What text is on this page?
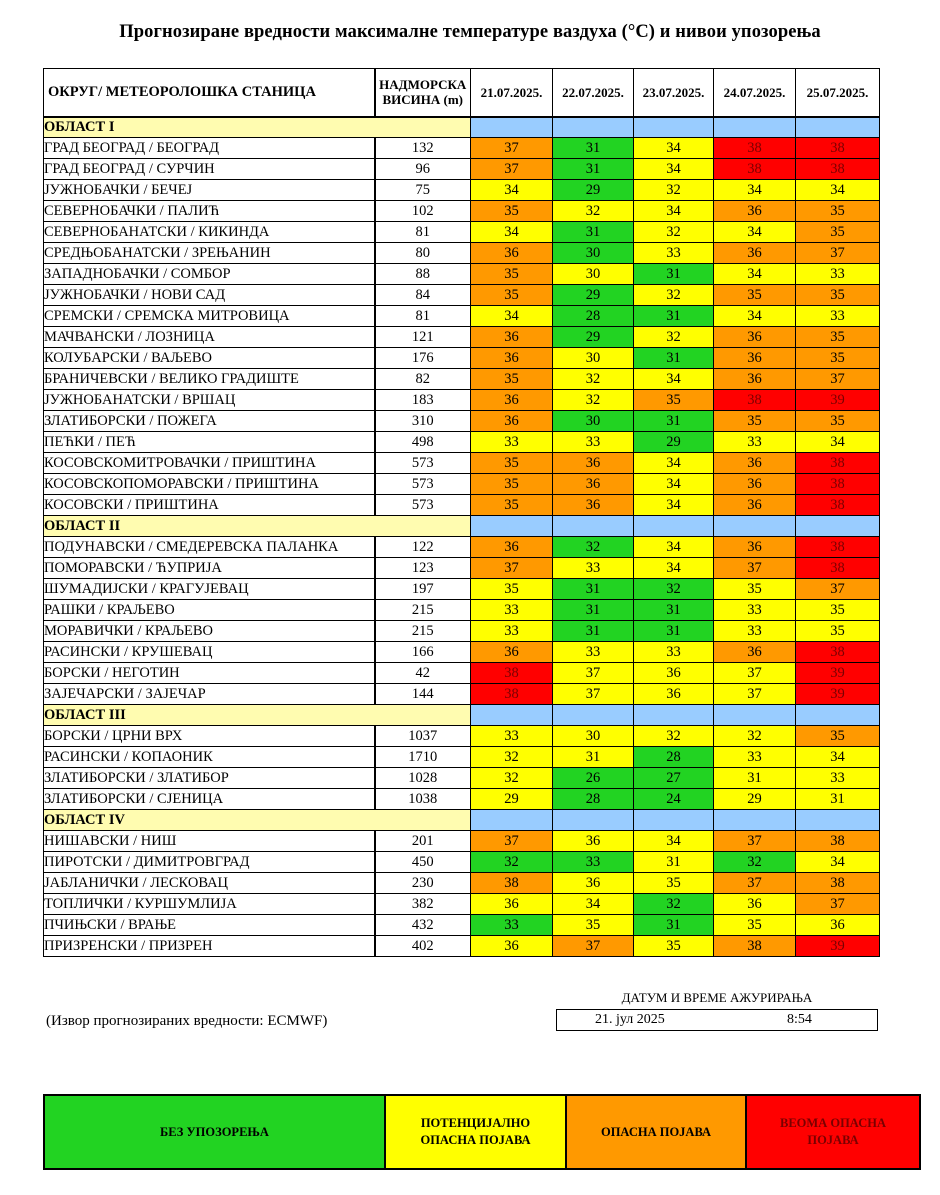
Прогнозиране вредности максималне температуре ваздуха (°C) и нивои упозорења
ОКРУГ/ МЕТЕОРОЛОШКА СТАНИЦА	НАДМОРСКА
ВИСИНА (m)	21.07.2025.	22.07.2025.	23.07.2025.	24.07.2025.	25.07.2025.
ОБЛАСТ I						
ГРАД БЕОГРАД / БЕОГРАД	132	37	31	34	38	38
ГРАД БЕОГРАД / СУРЧИН	96	37	31	34	38	38
ЈУЖНОБАЧКИ / БЕЧЕЈ	75	34	29	32	34	34
СЕВЕРНОБАЧКИ / ПАЛИЋ	102	35	32	34	36	35
СЕВЕРНОБАНАТСКИ / КИКИНДА	81	34	31	32	34	35
СРЕДЊОБАНАТСКИ / ЗРЕЊАНИН	80	36	30	33	36	37
ЗАПАДНОБАЧКИ / СОМБОР	88	35	30	31	34	33
ЈУЖНОБАЧКИ / НОВИ САД	84	35	29	32	35	35
СРЕМСКИ / СРЕМСКА МИТРОВИЦА	81	34	28	31	34	33
МАЧВАНСКИ / ЛОЗНИЦА	121	36	29	32	36	35
КОЛУБАРСКИ / ВАЉЕВО	176	36	30	31	36	35
БРАНИЧЕВСКИ / ВЕЛИКО ГРАДИШТЕ	82	35	32	34	36	37
ЈУЖНОБАНАТСКИ / ВРШАЦ	183	36	32	35	38	39
ЗЛАТИБОРСКИ / ПОЖЕГА	310	36	30	31	35	35
ПЕЋКИ / ПЕЋ	498	33	33	29	33	34
КОСОВСКОМИТРОВАЧКИ / ПРИШТИНА	573	35	36	34	36	38
КОСОВСКОПОМОРАВСКИ / ПРИШТИНА	573	35	36	34	36	38
КОСОВСКИ / ПРИШТИНА	573	35	36	34	36	38
ОБЛАСТ II						
ПОДУНАВСКИ / СМЕДЕРЕВСКА ПАЛАНКА	122	36	32	34	36	38
ПОМОРАВСКИ / ЋУПРИЈА	123	37	33	34	37	38
ШУМАДИЈСКИ / КРАГУЈЕВАЦ	197	35	31	32	35	37
РАШКИ / КРАЉЕВО	215	33	31	31	33	35
МОРАВИЧКИ / КРАЉЕВО	215	33	31	31	33	35
РАСИНСКИ / КРУШЕВАЦ	166	36	33	33	36	38
БОРСКИ / НЕГОТИН	42	38	37	36	37	39
ЗАЈЕЧАРСКИ / ЗАЈЕЧАР	144	38	37	36	37	39
ОБЛАСТ III						
БОРСКИ / ЦРНИ ВРХ	1037	33	30	32	32	35
РАСИНСКИ / КОПАОНИК	1710	32	31	28	33	34
ЗЛАТИБОРСКИ / ЗЛАТИБОР	1028	32	26	27	31	33
ЗЛАТИБОРСКИ / СЈЕНИЦА	1038	29	28	24	29	31
ОБЛАСТ IV						
НИШАВСКИ / НИШ	201	37	36	34	37	38
ПИРОТСКИ / ДИМИТРОВГРАД	450	32	33	31	32	34
ЈАБЛАНИЧКИ / ЛЕСКОВАЦ	230	38	36	35	37	38
ТОПЛИЧКИ / КУРШУМЛИЈА	382	36	34	32	36	37
ПЧИЊСКИ / ВРАЊЕ	432	33	35	31	35	36
ПРИЗРЕНСКИ / ПРИЗРЕН	402	36	37	35	38	39
ДАТУМ И ВРЕМЕ АЖУРИРАЊА
21. јул 2025	8:54
(Извор прогнозираних вредности: ECMWF)
БЕЗ УПОЗОРЕЊА	ПОТЕНЦИЈАЛНО
ОПАСНА ПОЈАВА	ОПАСНА ПОЈАВА	ВЕОМА ОПАСНА
ПОЈАВА
